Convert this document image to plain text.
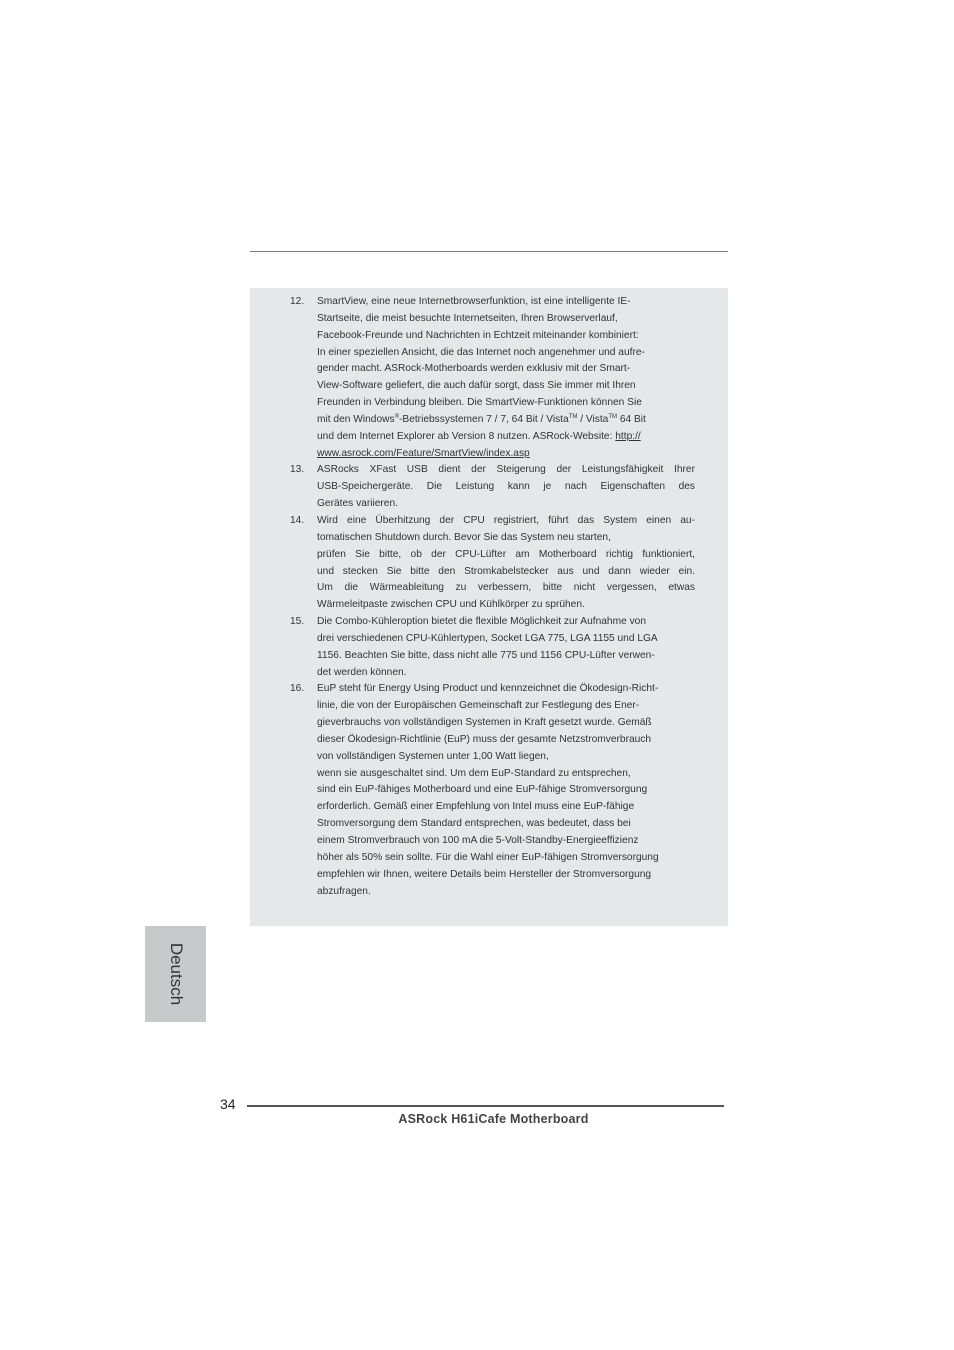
12.	SmartView, eine neue Internetbrowserfunktion, ist eine intelligente IE-
Startseite, die meist besuchte Internetseiten, Ihren Browserverlauf,
Facebook-Freunde und Nachrichten in Echtzeit miteinander kombiniert:
In einer speziellen Ansicht, die das Internet noch angenehmer und aufre-
gender macht. ASRock-Motherboards werden exklusiv mit der Smart-
View-Software geliefert, die auch dafür sorgt, dass Sie immer mit Ihren
Freunden in Verbindung bleiben. Die SmartView-Funktionen können Sie
mit den Windows®-Betriebssystemen 7 / 7, 64 Bit / Vista™ / Vista™ 64 Bit
und dem Internet Explorer ab Version 8 nutzen. ASRock-Website: http://
www.asrock.com/Feature/SmartView/index.asp
13.	ASRocks XFast USB dient der Steigerung der Leistungsfähigkeit Ihrer
USB-Speichergeräte. Die Leistung kann je nach Eigenschaften des
Gerätes variieren.
14.	Wird eine Überhitzung der CPU registriert, führt das System einen au-
tomatischen Shutdown durch. Bevor Sie das System neu starten,
prüfen Sie bitte, ob der CPU-Lüfter am Motherboard richtig funktioniert,
und stecken Sie bitte den Stromkabelstecker aus und dann wieder ein.
Um die Wärmeableitung zu verbessern, bitte nicht vergessen, etwas
Wärmeleitpaste zwischen CPU und Kühlkörper zu sprühen.
15.	Die Combo-Kühleroption bietet die flexible Möglichkeit zur Aufnahme von
drei verschiedenen CPU-Kühlertypen, Socket LGA 775, LGA 1155 und LGA
1156. Beachten Sie bitte, dass nicht alle 775 und 1156 CPU-Lüfter verwen-
det werden können.
16.	EuP steht für Energy Using Product und kennzeichnet die Ökodesign-Richt-
linie, die von der Europäischen Gemeinschaft zur Festlegung des Ener-
gieverbrauchs von vollständigen Systemen in Kraft gesetzt wurde. Gemäß
dieser Ökodesign-Richtlinie (EuP) muss der gesamte Netzstromverbrauch
von vollständigen Systemen unter 1,00 Watt liegen,
wenn sie ausgeschaltet sind. Um dem EuP-Standard zu entsprechen,
sind ein EuP-fähiges Motherboard und eine EuP-fähige Stromversorgung
erforderlich. Gemäß einer Empfehlung von Intel muss eine EuP-fähige
Stromversorgung dem Standard entsprechen, was bedeutet, dass bei
einem Stromverbrauch von 100 mA die 5-Volt-Standby-Energieeffizienz
höher als 50% sein sollte. Für die Wahl einer EuP-fähigen Stromversorgung
empfehlen wir Ihnen, weitere Details beim Hersteller der Stromversorgung
abzufragen.
Deutsch
34
ASRock H61iCafe Motherboard
